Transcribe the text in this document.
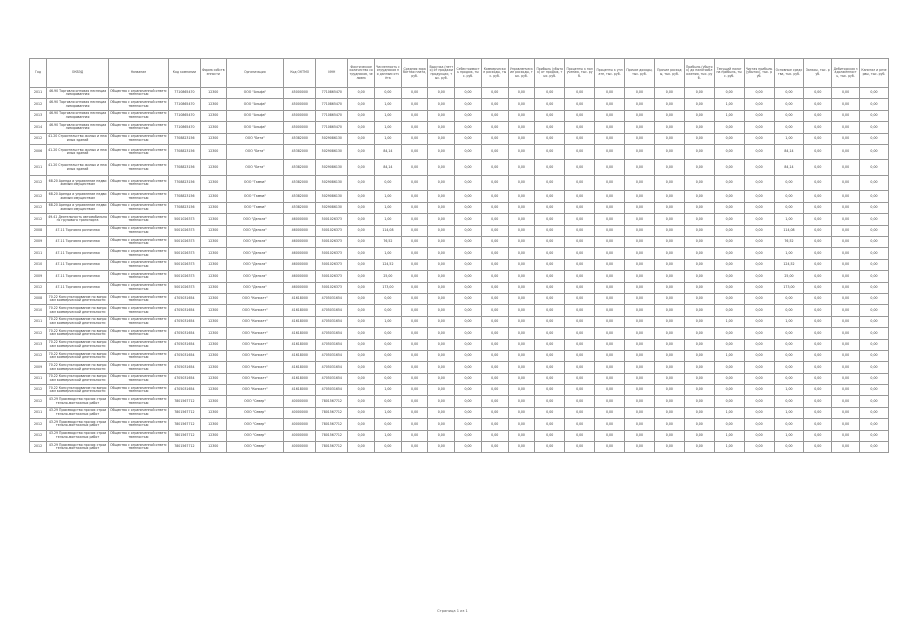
Год	ОКВЭД	Название	Код компании	Форма собственности	Организация	Код ОКТМО	ИНН	Фактическое количество сотрудников, человек	Численность сотрудников по данным отчёта	Средняя заработная плата, руб.	Выручка (нетто) от продажи продукции, тыс. руб.	Себестоимость продаж, тыс. руб.	Коммерческие расходы, тыс. руб.	Управленческие расходы, тыс. руб.	Прибыль (убыток) от продаж, тыс. руб.	Проценты к получению, тыс. руб.	Проценты к уплате, тыс. руб.	Прочие доходы, тыс. руб.	Прочие расходы, тыс. руб.	Прибыль (убыток) до налогообложения, тыс. руб.	Текущий налог на прибыль, тыс. руб.	Чистая прибыль (убыток), тыс. руб.	Основные средства, тыс. руб.	Запасы, тыс. руб.	Дебиторская задолженность, тыс. руб.	Капитал и резервы, тыс. руб.
2011	46.90 Торговля оптовая неспециализированная	Общество с ограниченной ответственностью	7710865470	12300	ООО "Альфа"	45000000	7710865470	0,00	0,00	0,00	0,00	0,00	0,00	0,00	0,00	0,00	0,00	0,00	0,00	0,00	0,00	0,00	0,00	0,00	0,00	0,00
2012	46.90 Торговля оптовая неспециализированная	Общество с ограниченной ответственностью	7710865470	12300	ООО "Альфа"	45000000	7710865470	0,00	1,00	0,00	0,00	0,00	0,00	0,00	0,00	0,00	0,00	0,00	0,00	0,00	1,00	0,00	0,00	0,00	0,00	0,00
2013	46.90 Торговля оптовая неспециализированная	Общество с ограниченной ответственностью	7710865470	12300	ООО "Альфа"	45000000	7710865470	0,00	1,00	0,00	0,00	0,00	0,00	0,00	0,00	0,00	0,00	0,00	0,00	0,00	1,00	0,00	0,00	0,00	0,00	0,00
2014	46.90 Торговля оптовая неспециализированная	Общество с ограниченной ответственностью	7710865470	12300	ООО "Альфа"	45000000	7710865470	0,00	1,00	0,00	0,00	0,00	0,00	0,00	0,00	0,00	0,00	0,00	0,00	0,00	0,00	0,00	0,00	0,00	0,00	0,00
2012	41.20 Строительство жилых и нежилых зданий	Общество с ограниченной ответственностью	7708823156	12300	ООО "Бета"	45382000	5029086130	0,00	1,00	0,00	0,00	0,00	0,00	0,00	0,00	0,00	0,00	0,00	0,00	0,00	0,00	0,00	1,00	0,00	0,00	0,00
2006	41.20 Строительство жилых и нежилых зданий	Общество с ограниченной ответственностью	7708823156	12300	ООО "Бета"	45382000	5029086130	0,00	84,14	0,00	0,00	0,00	0,00	0,00	0,00	0,00	0,00	0,00	0,00	0,00	0,00	0,00	84,14	0,00	0,00	0,00
2011	41.20 Строительство жилых и нежилых зданий	Общество с ограниченной ответственностью	7708823156	12300	ООО "Бета"	45382000	5029086130	0,00	84,14	0,00	0,00	0,00	0,00	0,00	0,00	0,00	0,00	0,00	0,00	0,00	0,00	0,00	84,14	0,00	0,00	0,00
2012	68.20 Аренда и управление недвижимым имуществом	Общество с ограниченной ответственностью	7708823156	12300	ООО "Гамма"	45382000	5029086130	0,00	0,00	0,00	0,00	0,00	0,00	0,00	0,00	0,00	0,00	0,00	0,00	0,00	0,00	0,00	0,00	0,00	0,00	0,00
2012	68.20 Аренда и управление недвижимым имуществом	Общество с ограниченной ответственностью	7708823156	12300	ООО "Гамма"	45382000	5029086130	0,00	1,00	0,00	0,00	0,00	0,00	0,00	0,00	0,00	0,00	0,00	0,00	0,00	0,00	0,00	0,00	0,00	0,00	0,00
2012	68.20 Аренда и управление недвижимым имуществом	Общество с ограниченной ответственностью	7708823156	12300	ООО "Гамма"	45382000	5029086130	0,00	1,00	0,00	0,00	0,00	0,00	0,00	0,00	0,00	0,00	0,00	0,00	0,00	0,00	0,00	0,00	0,00	0,00	0,00
2012	49.41 Деятельность автомобильного грузового транспорта	Общество с ограниченной ответственностью	5001026373	12300	ООО "Дельта"	46000000	5001026373	0,00	1,00	0,00	0,00	0,00	0,00	0,00	0,00	0,00	0,00	0,00	0,00	0,00	0,00	0,00	1,00	0,00	0,00	0,00
2008	47.11 Торговля розничная	Общество с ограниченной ответственностью	5001026373	12300	ООО "Дельта"	46000000	5001026373	0,00	114,08	0,00	0,00	0,00	0,00	0,00	0,00	0,00	0,00	0,00	0,00	0,00	0,00	0,00	114,08	0,00	0,00	0,00
2009	47.11 Торговля розничная	Общество с ограниченной ответственностью	5001026373	12300	ООО "Дельта"	46000000	5001026373	0,00	76,52	0,00	0,00	0,00	0,00	0,00	0,00	0,00	0,00	0,00	0,00	0,00	0,00	0,00	76,52	0,00	0,00	0,00
2011	47.11 Торговля розничная	Общество с ограниченной ответственностью	5001026373	12300	ООО "Дельта"	46000000	5001026373	0,00	1,00	0,00	0,00	0,00	0,00	0,00	0,00	0,00	0,00	0,00	0,00	0,00	0,00	0,00	1,00	0,00	0,00	0,00
2010	47.11 Торговля розничная	Общество с ограниченной ответственностью	5001026373	12300	ООО "Дельта"	46000000	5001026373	0,00	124,52	0,00	0,00	0,00	0,00	0,00	0,00	0,00	0,00	0,00	0,00	0,00	0,00	0,00	124,52	0,00	0,00	0,00
2009	47.11 Торговля розничная	Общество с ограниченной ответственностью	5001026373	12300	ООО "Дельта"	46000000	5001026373	0,00	25,00	0,00	0,00	0,00	0,00	0,00	0,00	0,00	0,00	0,00	0,00	0,00	0,00	0,00	25,00	0,00	0,00	0,00
2012	47.11 Торговля розничная	Общество с ограниченной ответственностью	5001026373	12300	ООО "Дельта"	46000000	5001026373	0,00	173,00	0,00	0,00	0,00	0,00	0,00	0,00	0,00	0,00	0,00	0,00	0,00	0,00	0,00	173,00	0,00	0,00	0,00
2008	70.22 Консультирование по вопросам коммерческой деятельности	Общество с ограниченной ответственностью	4705031654	12300	ООО "Консалт"	41618000	4705031654	0,00	0,00	0,00	0,00	0,00	0,00	0,00	0,00	0,00	0,00	0,00	0,00	0,00	0,00	0,00	0,00	0,00	0,00	0,00
2010	70.22 Консультирование по вопросам коммерческой деятельности	Общество с ограниченной ответственностью	4705031654	12300	ООО "Консалт"	41618000	4705031654	0,00	0,00	0,00	0,00	0,00	0,00	0,00	0,00	0,00	0,00	0,00	0,00	0,00	0,00	0,00	0,00	0,00	0,00	0,00
2011	70.22 Консультирование по вопросам коммерческой деятельности	Общество с ограниченной ответственностью	4705031654	12300	ООО "Консалт"	41618000	4705031654	0,00	1,00	0,00	0,00	0,00	0,00	0,00	0,00	0,00	0,00	0,00	0,00	0,00	1,00	0,00	1,00	0,00	0,00	0,00
2012	70.22 Консультирование по вопросам коммерческой деятельности	Общество с ограниченной ответственностью	4705031654	12300	ООО "Консалт"	41618000	4705031654	0,00	0,00	0,00	0,00	0,00	0,00	0,00	0,00	0,00	0,00	0,00	0,00	0,00	0,00	0,00	0,00	0,00	0,00	0,00
2013	70.22 Консультирование по вопросам коммерческой деятельности	Общество с ограниченной ответственностью	4705031654	12300	ООО "Консалт"	41618000	4705031654	0,00	0,00	0,00	0,00	0,00	0,00	0,00	0,00	0,00	0,00	0,00	0,00	0,00	0,00	0,00	0,00	0,00	0,00	0,00
2012	70.22 Консультирование по вопросам коммерческой деятельности	Общество с ограниченной ответственностью	4705031654	12300	ООО "Консалт"	41618000	4705031654	0,00	0,00	0,00	0,00	0,00	0,00	0,00	0,00	0,00	0,00	0,00	0,00	0,00	1,00	0,00	0,00	0,00	0,00	0,00
2009	70.22 Консультирование по вопросам коммерческой деятельности	Общество с ограниченной ответственностью	4705031654	12300	ООО "Консалт"	41618000	4705031654	0,00	0,00	0,00	0,00	0,00	0,00	0,00	0,00	0,00	0,00	0,00	0,00	0,00	0,00	0,00	0,00	0,00	0,00	0,00
2011	70.22 Консультирование по вопросам коммерческой деятельности	Общество с ограниченной ответственностью	4705031654	12300	ООО "Консалт"	41618000	4705031654	0,00	0,00	0,00	0,00	0,00	0,00	0,00	0,00	0,00	0,00	0,00	0,00	0,00	0,00	0,00	0,00	0,00	0,00	0,00
2012	70.22 Консультирование по вопросам коммерческой деятельности	Общество с ограниченной ответственностью	4705031654	12300	ООО "Консалт"	41618000	4705031654	0,00	1,00	0,00	0,00	0,00	0,00	0,00	0,00	0,00	0,00	0,00	0,00	0,00	0,00	0,00	1,00	0,00	0,00	0,00
2012	43.29 Производство прочих строительно-монтажных работ	Общество с ограниченной ответственностью	7801567712	12300	ООО "Север"	40000000	7801567712	0,00	0,00	0,00	0,00	0,00	0,00	0,00	0,00	0,00	0,00	0,00	0,00	0,00	0,00	0,00	0,00	0,00	0,00	0,00
2011	43.29 Производство прочих строительно-монтажных работ	Общество с ограниченной ответственностью	7801567712	12300	ООО "Север"	40000000	7801567712	0,00	1,00	0,00	0,00	0,00	0,00	0,00	0,00	0,00	0,00	0,00	0,00	0,00	1,00	0,00	1,00	0,00	0,00	0,00
2012	43.29 Производство прочих строительно-монтажных работ	Общество с ограниченной ответственностью	7801567712	12300	ООО "Север"	40000000	7801567712	0,00	0,00	0,00	0,00	0,00	0,00	0,00	0,00	0,00	0,00	0,00	0,00	0,00	0,00	0,00	0,00	0,00	0,00	0,00
2012	43.29 Производство прочих строительно-монтажных работ	Общество с ограниченной ответственностью	7801567712	12300	ООО "Север"	40000000	7801567712	0,00	1,00	0,00	0,00	0,00	0,00	0,00	0,00	0,00	0,00	0,00	0,00	0,00	1,00	0,00	1,00	0,00	0,00	0,00
2012	43.29 Производство прочих строительно-монтажных работ	Общество с ограниченной ответственностью	7801567712	12300	ООО "Север"	40000000	7801567712	0,00	0,00	0,00	0,00	0,00	0,00	0,00	0,00	0,00	0,00	0,00	0,00	0,00	1,00	0,00	0,00	0,00	0,00	0,00
Страница 1 из 1
